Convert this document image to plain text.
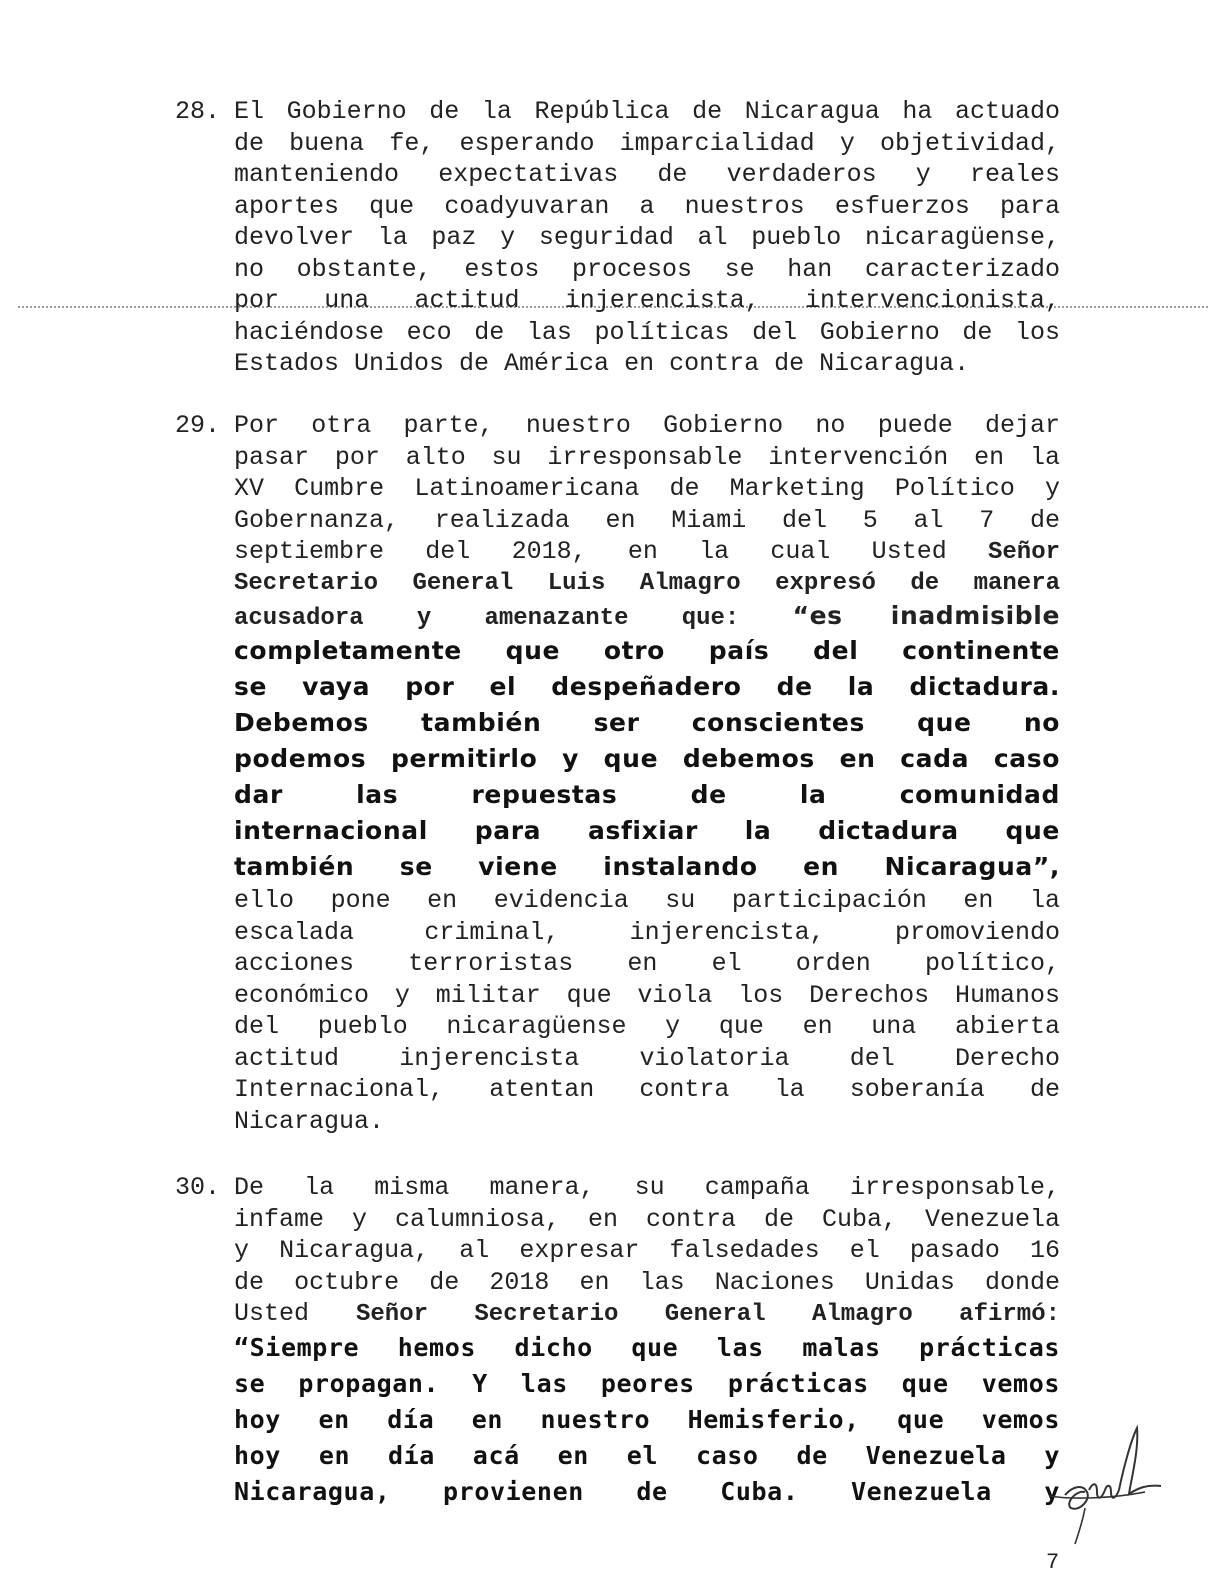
28. El Gobierno de la República de Nicaragua ha actuado
de buena fe, esperando imparcialidad y objetividad,
manteniendo expectativas de verdaderos y reales
aportes que coadyuvaran a nuestros esfuerzos para
devolver la paz y seguridad al pueblo nicaragüense,
no obstante, estos procesos se han caracterizado
por una actitud injerencista, intervencionista,
haciéndose eco de las políticas del Gobierno de los
Estados Unidos de América en contra de Nicaragua.
29. Por otra parte, nuestro Gobierno no puede dejar
pasar por alto su irresponsable intervención en la
XV Cumbre Latinoamericana de Marketing Político y
Gobernanza, realizada en Miami del 5 al 7 de
septiembre del 2018, en la cual Usted Señor
Secretario General Luis Almagro expresó de manera
acusadora y amenazante que: “es inadmisible
completamente que otro país del continente
se vaya por el despeñadero de la dictadura.
Debemos también ser conscientes que no
podemos permitirlo y que debemos en cada caso
dar las repuestas de la comunidad
internacional para asfixiar la dictadura que
también se viene instalando en Nicaragua”,
ello pone en evidencia su participación en la
escalada criminal, injerencista, promoviendo
acciones terroristas en el orden político,
económico y militar que viola los Derechos Humanos
del pueblo nicaragüense y que en una abierta
actitud injerencista violatoria del Derecho
Internacional, atentan contra la soberanía de
Nicaragua.
30. De la misma manera, su campaña irresponsable,
infame y calumniosa, en contra de Cuba, Venezuela
y Nicaragua, al expresar falsedades el pasado 16
de octubre de 2018 en las Naciones Unidas donde
Usted Señor Secretario General Almagro afirmó:
“Siempre hemos dicho que las malas prácticas
se propagan. Y las peores prácticas que vemos
hoy en día en nuestro Hemisferio, que vemos
hoy en día acá en el caso de Venezuela y
Nicaragua, provienen de Cuba. Venezuela y
7
